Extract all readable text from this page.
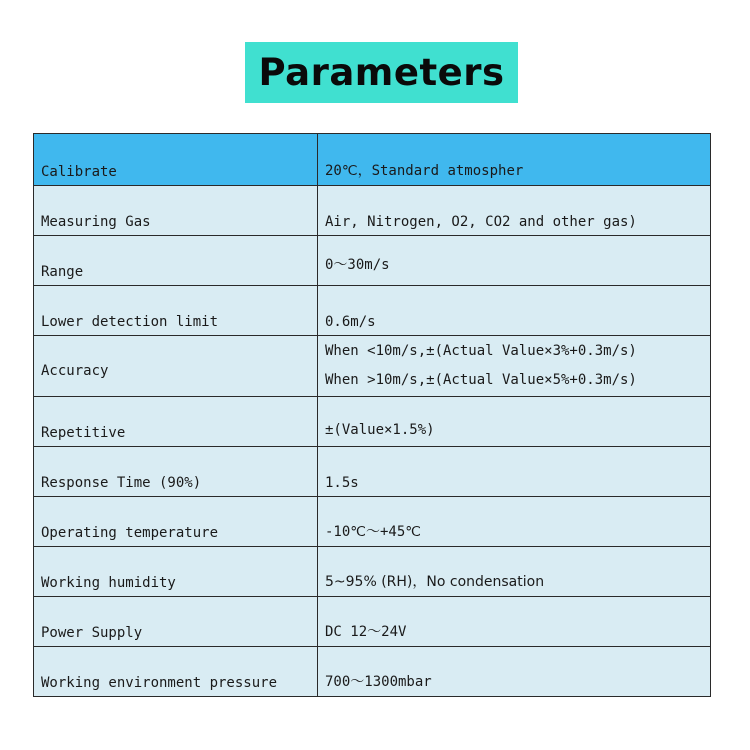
Parameters
Calibrate	20℃，Standard atmospher
Measuring Gas	Air, Nitrogen, O2, CO2 and other gas)
Range	0～30m/s
Lower detection limit	0.6m/s
Accuracy	When <10m/s,±(Actual Value×3%+0.3m/s)
When >10m/s,±(Actual Value×5%+0.3m/s)

Repetitive	±(Value×1.5%)
Response Time (90%)	1.5s
Operating temperature	-10℃～+45℃
Working humidity	5~95% (RH)，No condensation
Power Supply	DC 12～24V
Working environment pressure	700～1300mbar
